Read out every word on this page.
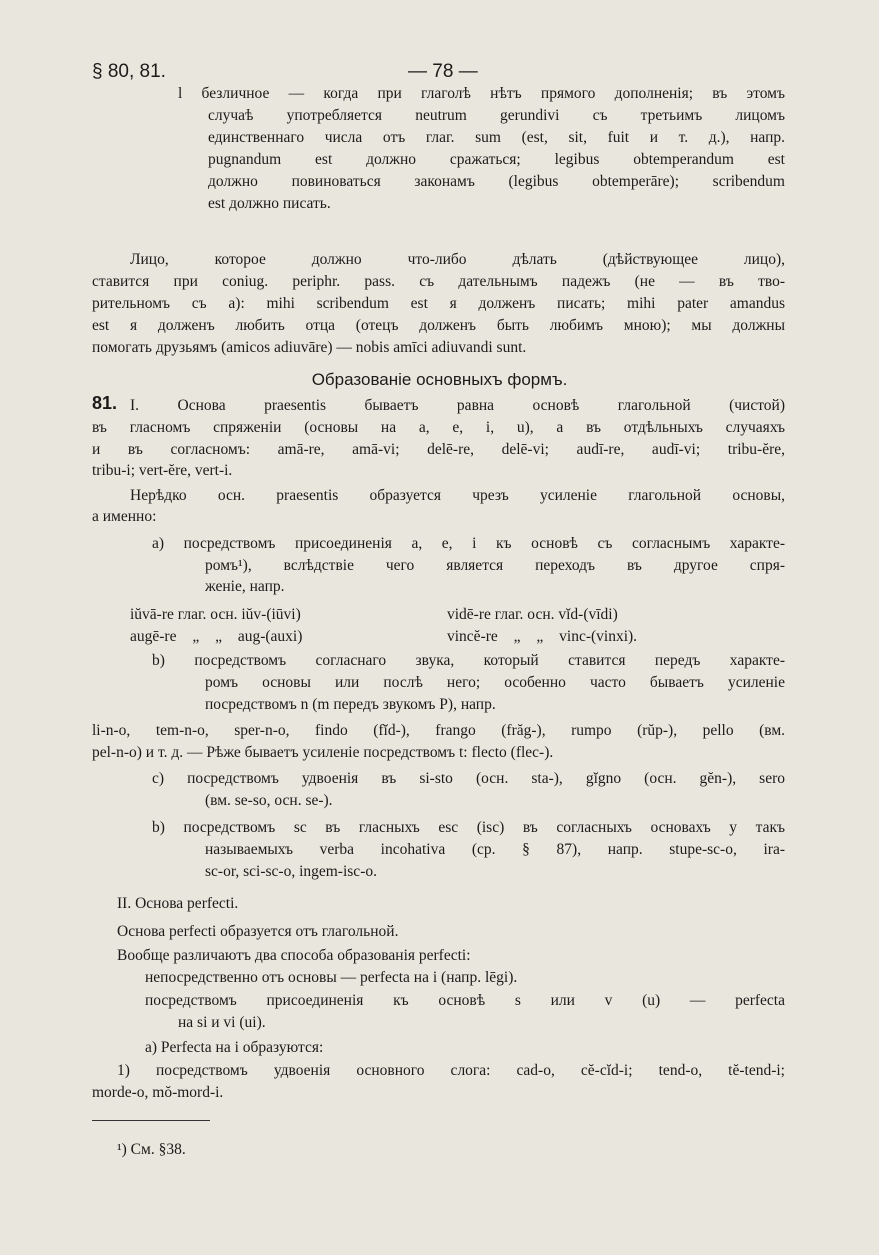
§ 80, 81.	— 78 —
l безличное — когда при глаголѣ нѣтъ прямого дополненія; въ этомъ
случаѣ употребляется neutrum gerundivi съ третьимъ лицомъ
единственнаго числа отъ глаг. sum (est, sit, fuit и т. д.), напр.
pugnandum est должно сражаться; legibus obtemperandum est
должно повиноваться законамъ (legibus obtemperāre); scribendum
est должно писать.
Лицо, которое должно что-либо дѣлать (дѣйствующее лицо),
ставится при coniug. periphr. pass. съ дательнымъ падежъ (не — въ тво-
рительномъ съ а): mihi scribendum est я долженъ писать; mihi pater amandus
est я долженъ любить отца (отецъ долженъ быть любимъ мною); мы должны
помогать друзьямъ (amicos adiuvāre) — nobis amīci adiuvandi sunt.
Образованіе основныхъ формъ.
81. I. Основа praesentis бываетъ равна основѣ глагольной (чистой)
въ гласномъ спряженіи (основы на a, e, i, u), а въ отдѣльныхъ случаяхъ
и въ согласномъ: amā-re, amā-vi; delē-re, delē-vi; audī-re, audī-vi; tribu-ĕre,
tribu-i; vert-ĕre, vert-i.
Нерѣдко осн. praesentis образуется чрезъ усиленіе глагольной основы,
а именно:
а) посредствомъ присоединенія a, e, i къ основѣ съ согласнымъ характе-
ромъ¹), вслѣдствіе чего является переходъ въ другое спря-
женіе, напр.
iŭvā-re глаг. осн. iŭv-(iūvi)	vidē-re глаг. осн. vĭd-(vīdi)
augē-re „ „ aug-(auxi)	vincĕ-re „ „ vinc-(vinxi).
b) посредствомъ согласнаго звука, который ставится передъ характе-
ромъ основы или послѣ него; особенно часто бываетъ усиленіе
посредствомъ n (m передъ звукомъ P), напр.
li-n-o, tem-n-o, sper-n-o, findo (fĭd-), frango (frăg-), rumpo (rŭp-), pello (вм.
pel-n-o) и т. д. — Рѣже бываетъ усиленіе посредствомъ t: flecto (flec-).
c) посредствомъ удвоенія въ si-sto (осн. sta-), gĭgno (осн. gĕn-), sero
(вм. se-so, осн. se-).
b) посредствомъ sc въ гласныхъ esc (isc) въ согласныхъ основахъ у такъ
называемыхъ verba incohativa (ср. § 87), напр. stupe-sc-o, ira-
sc-or, sci-sc-o, ingem-isc-o.
II. Основа perfecti.
Основа perfecti образуется отъ глагольной.
Вообще различаютъ два способа образованія perfecti:
непосредственно отъ основы — perfecta на i (напр. lēgi).
посредствомъ присоединенія къ основѣ s или v (u) — perfecta
на si и vi (ui).
а) Perfecta на i образуются:
1) посредствомъ удвоенія основного слога: cad-o, cĕ-cĭd-i; tend-o, tĕ-tend-i;
morde-o, mŏ-mord-i.
¹) См. §38.
